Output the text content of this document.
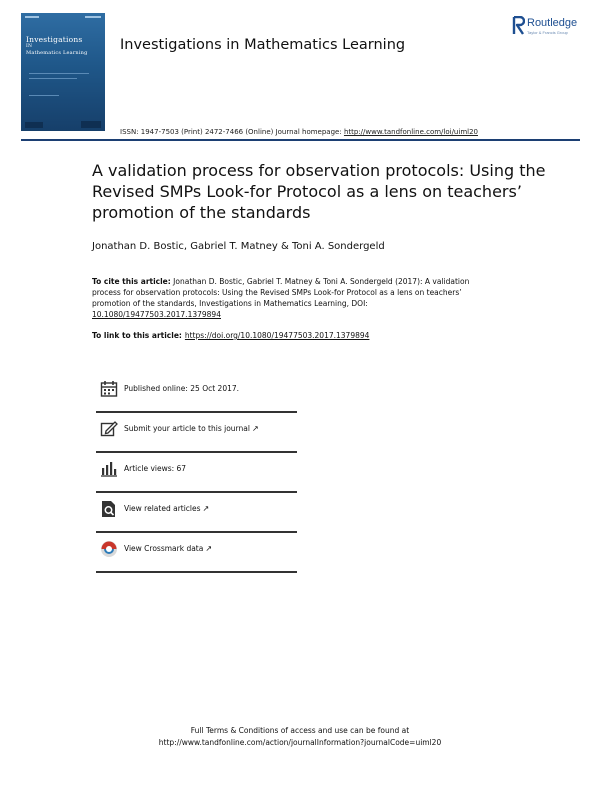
Investigations
IN
Mathematics Learning
Routledge
Taylor & Francis Group
Investigations in Mathematics Learning
ISSN: 1947-7503 (Print) 2472-7466 (Online) Journal homepage: http://www.tandfonline.com/loi/uiml20
A validation process for observation protocols: Using the Revised SMPs Look-for Protocol as a lens on teachers’ promotion of the standards
Jonathan D. Bostic, Gabriel T. Matney & Toni A. Sondergeld
To cite this article: Jonathan D. Bostic, Gabriel T. Matney & Toni A. Sondergeld (2017): A validation process for observation protocols: Using the Revised SMPs Look-for Protocol as a lens on teachers’ promotion of the standards, Investigations in Mathematics Learning, DOI: 10.1080/19477503.2017.1379894
To link to this article: https://doi.org/10.1080/19477503.2017.1379894
Published online: 25 Oct 2017.
Submit your article to this journal ↗
Article views: 67
View related articles ↗
View Crossmark data ↗
Full Terms & Conditions of access and use can be found at
http://www.tandfonline.com/action/journalInformation?journalCode=uiml20
